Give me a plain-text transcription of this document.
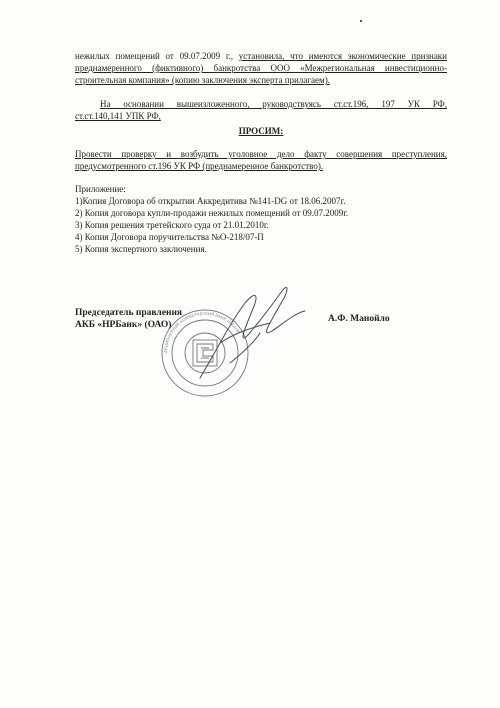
нежилых помещений от 09.07.2009 г., установила, что имеются экономические признаки
преднамеренного (фиктивного) банкротства ООО «Межрегиональная инвестиционно-
строительная компания» (копию заключения эксперта прилагаем).
На основании вышеизложенного, руководствуясь ст.ст.196, 197 УК РФ,
ст.ст.140,141 УПК РФ,
ПРОСИМ:
Провести проверку и возбудить уголовное дело факту совершения преступления,
предусмотренного ст.196 УК РФ (преднамеренное банкротство).
Приложение:
1)Копия Договора об открытии Аккредитива №141-DG от 18.06.2007г.
2) Копия договора купли-продажи нежилых помещений от 09.07.2009г.
3) Копия решения третейского суда от 21.01.2010г.
4) Копия Договора поручительства №О-218/07-П
5) Копия экспертного заключения.
Председатель правления
АКБ «НРБанк» (ОАО)
А.Ф. Манойло
АКЦИОНЕРНЫЙ КОММЕРЧЕСКИЙ БАНК НРБАНК
